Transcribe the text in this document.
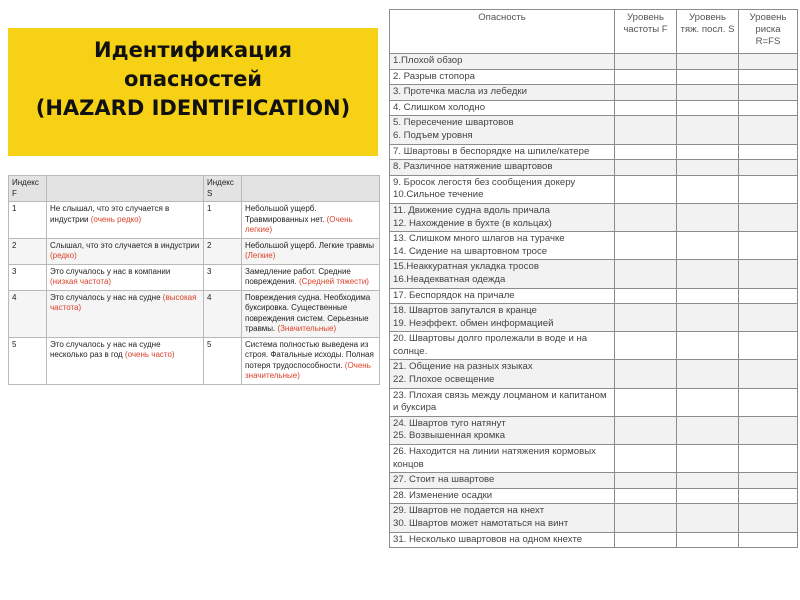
Идентификация
опасностей
(HAZARD IDENTIFICATION)
Индекс F		Индекс S	
1	Не слышал, что это случается в индустрии (очень редко)	1	Небольшой ущерб. Травмированных нет. (Очень легкие)
2	Слышал, что это случается в индустрии (редко)	2	Небольшой ущерб. Легкие травмы (Легкие)
3	Это случалось у нас в компании (низкая частота)	3	Замедление работ. Средние повреждения. (Средней тяжести)
4	Это случалось у нас на судне (высокая частота)	4	Повреждения судна. Необходима буксировка. Существенные повреждения систем. Серьезные травмы. (Значительные)
5	Это случалось у нас на судне несколько раз в год (очень часто)	5	Система полностью выведена из строя. Фатальные исходы. Полная потеря трудоспособности. (Очень значительные)
Опасность	Уровень частоты F	Уровень тяж. посл. S	Уровень риска R=FS
1.Плохой обзор			
2. Разрыв стопора			
3. Протечка масла из лебедки			
4. Слишком холодно			
5. Пересечение швартовов
6. Подъем уровня			
7. Швартовы в беспорядке на шпиле/катере			
8. Различное натяжение швартовов			
9. Бросок легостя без сообщения докеру
10.Сильное течение			
11. Движение судна вдоль причала
12. Нахождение в бухте (в кольцах)			
13. Слишком много шлагов на турачке
14. Сидение на швартовном тросе			
15.Неаккуратная укладка тросов
16.Неадекватная одежда			
17. Беспорядок на причале			
18. Швартов запутался в кранце
19. Неэффект. обмен информацией			
20. Швартовы долго пролежали в воде и на солнце.			
21. Общение на разных языках
22. Плохое освещение			
23. Плохая связь между лоцманом и капитаном и буксира			
24. Швартов туго натянут
25. Возвышенная кромка			
26. Находится на линии натяжения кормовых концов			
27. Стоит на швартове			
28. Изменение осадки			
29. Швартов не подается на кнехт
30. Швартов может намотаться на винт			
31. Несколько швартовов на одном кнехте			
